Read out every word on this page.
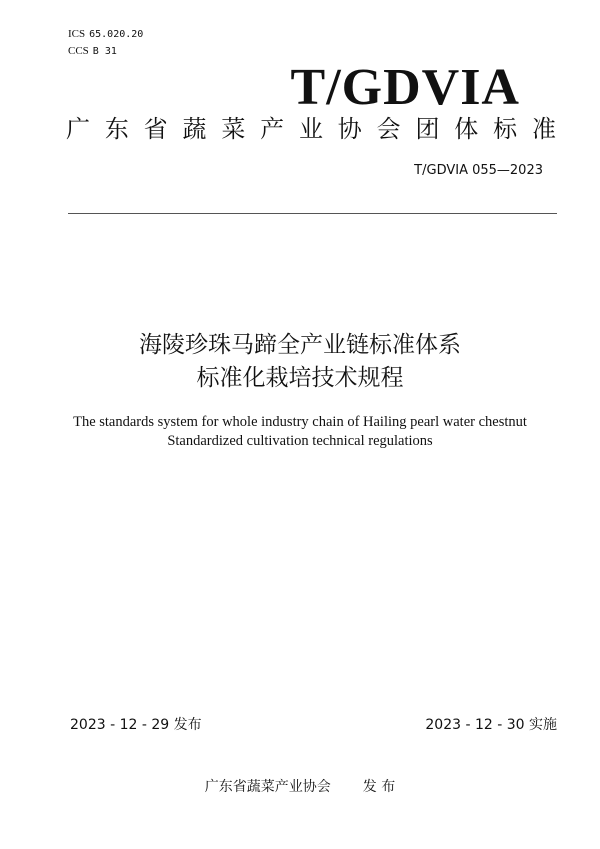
ICS 65.020.20
CCS B 31
T/GDVIA
广 东 省 蔬 菜 产 业 协 会 团 体 标 准
T/GDVIA 055—2023
海陵珍珠马蹄全产业链标准体系
标准化栽培技术规程
The standards system for whole industry chain of Hailing pearl water chestnut
Standardized cultivation technical regulations
2023 - 12 - 29 发布	2023 - 12 - 30 实施
广东省蔬菜产业协会 发 布
